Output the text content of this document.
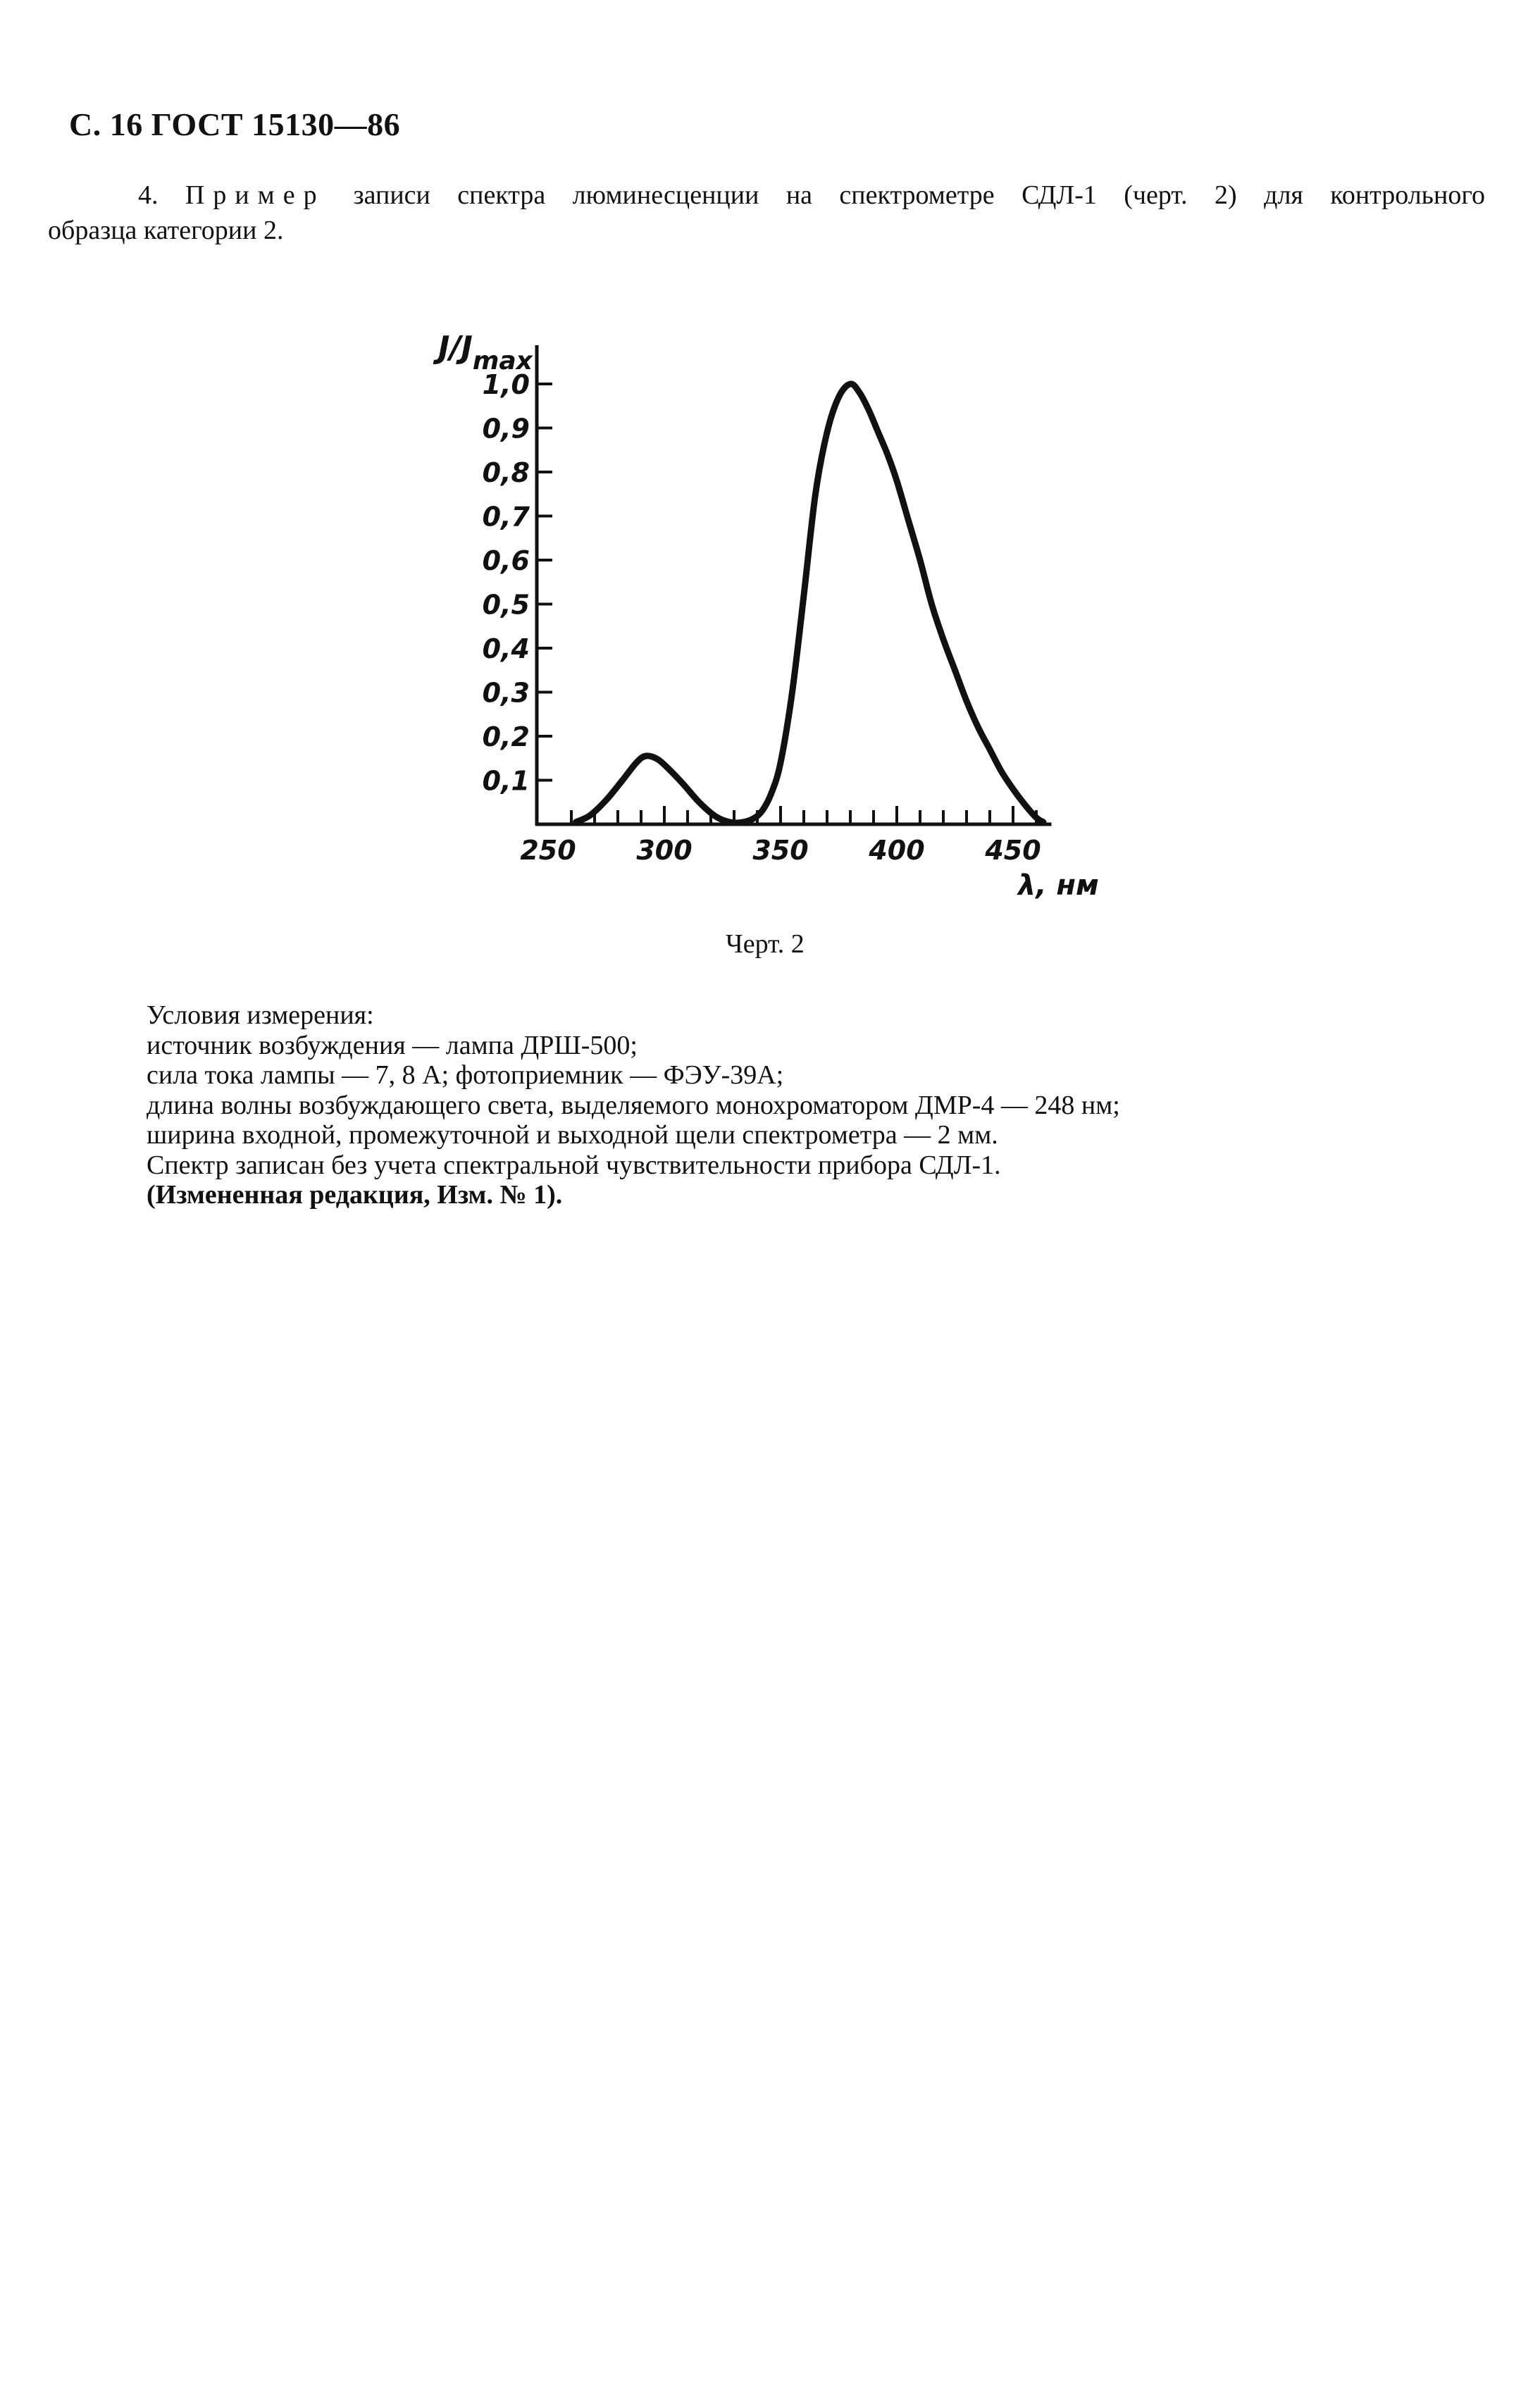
С. 16 ГОСТ 15130—86
4. Пример записи спектра люминесценции на спектрометре СДЛ-1 (черт. 2) для контрольного
образца категории 2.
0,1
0,2
0,3
0,4
0,5
0,6
0,7
0,8
0,9
1,0
250 300 350 400 450
$J/J_{max}$
λ, нм
Черт. 2
Условия измерения:
источник возбуждения — лампа ДРШ-500;
сила тока лампы — 7, 8 А; фотоприемник — ФЭУ-39А;
длина волны возбуждающего света, выделяемого монохроматором ДМР-4 — 248 нм;
ширина входной, промежуточной и выходной щели спектрометра — 2 мм.
Спектр записан без учета спектральной чувствительности прибора СДЛ-1.
(Измененная редакция, Изм. № 1).
